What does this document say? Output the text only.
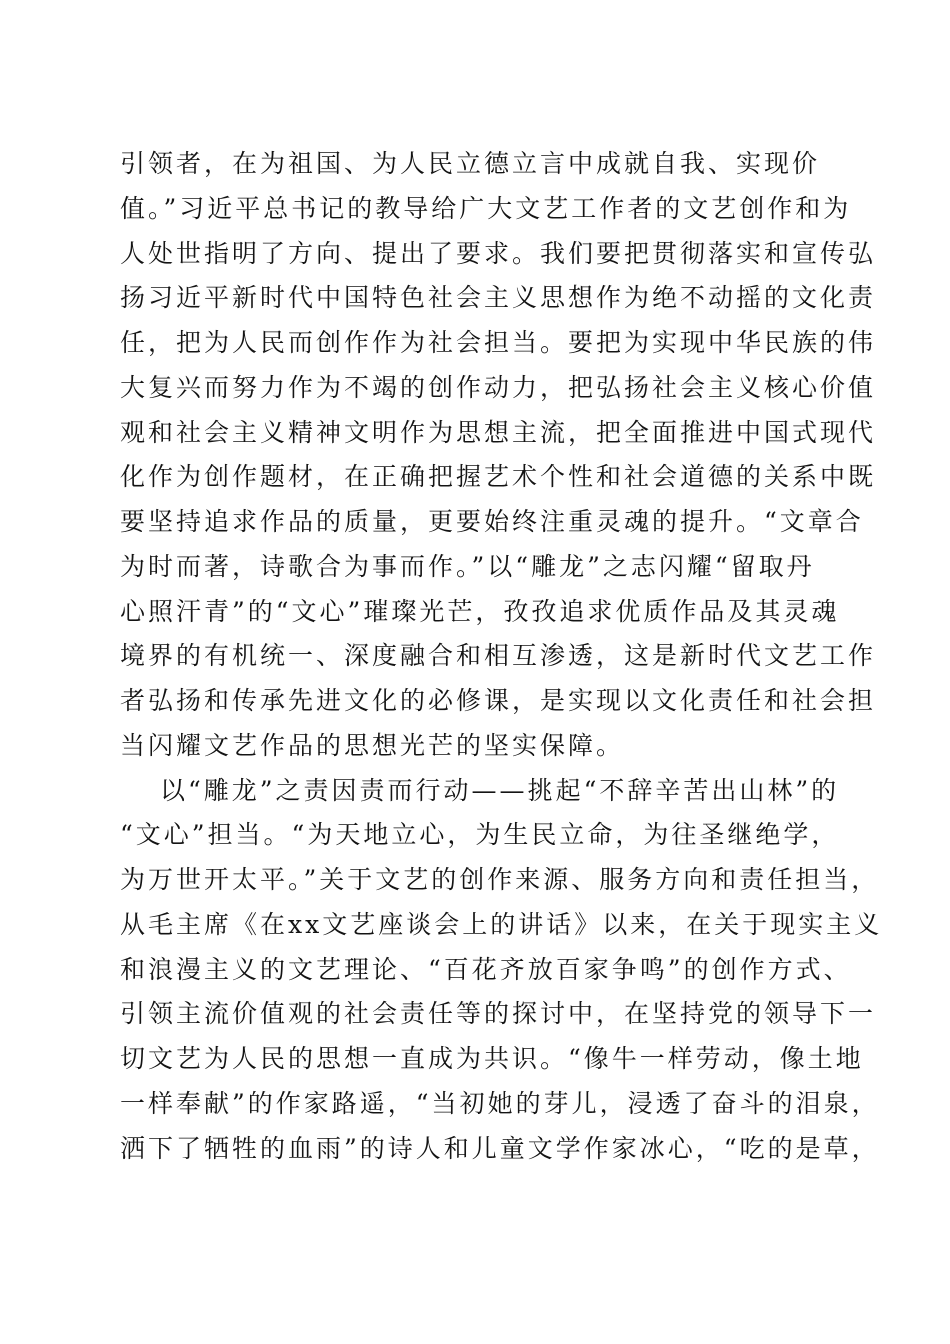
引领者，在为祖国、为人民立德立言中成就自我、实现价
值。”习近平总书记的教导给广大文艺工作者的文艺创作和为
人处世指明了方向、提出了要求。我们要把贯彻落实和宣传弘
扬习近平新时代中国特色社会主义思想作为绝不动摇的文化责
任，把为人民而创作作为社会担当。要把为实现中华民族的伟
大复兴而努力作为不竭的创作动力，把弘扬社会主义核心价值
观和社会主义精神文明作为思想主流，把全面推进中国式现代
化作为创作题材，在正确把握艺术个性和社会道德的关系中既
要坚持追求作品的质量，更要始终注重灵魂的提升。“文章合
为时而著，诗歌合为事而作。”以“雕龙”之志闪耀“留取丹
心照汗青”的“文心”璀璨光芒，孜孜追求优质作品及其灵魂
境界的有机统一、深度融合和相互渗透，这是新时代文艺工作
者弘扬和传承先进文化的必修课，是实现以文化责任和社会担
当闪耀文艺作品的思想光芒的坚实保障。
以“雕龙”之责因责而行动——挑起“不辞辛苦出山林”的
“文心”担当。“为天地立心，为生民立命，为往圣继绝学，
为万世开太平。”关于文艺的创作来源、服务方向和责任担当，
从毛主席《在xx文艺座谈会上的讲话》以来，在关于现实主义
和浪漫主义的文艺理论、“百花齐放百家争鸣”的创作方式、
引领主流价值观的社会责任等的探讨中，在坚持党的领导下一
切文艺为人民的思想一直成为共识。“像牛一样劳动，像土地
一样奉献”的作家路遥，“当初她的芽儿，浸透了奋斗的泪泉，
洒下了牺牲的血雨”的诗人和儿童文学作家冰心，“吃的是草，
